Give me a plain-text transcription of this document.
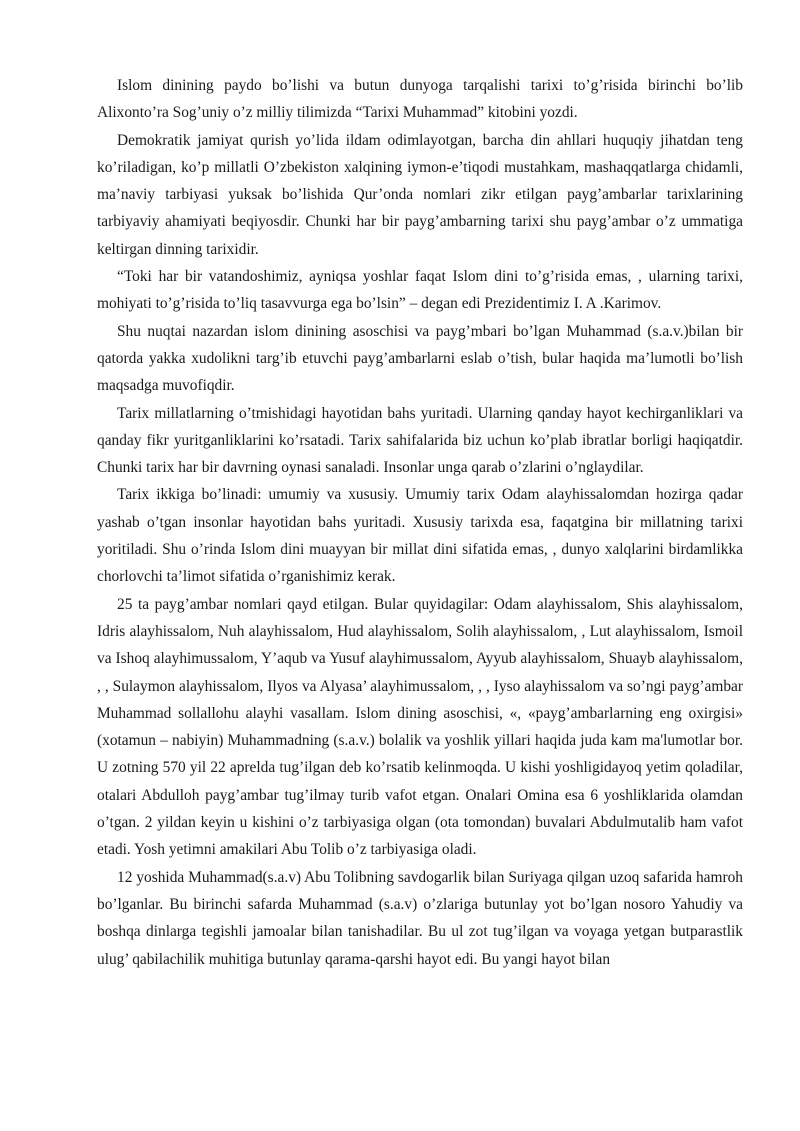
Islom dinining paydo bo’lishi va butun dunyoga tarqalishi tarixi to’g’risida birinchi bo’lib Alixonto’ra Sog’uniy o’z milliy tilimizda “Tarixi Muhammad” kitobini yozdi.

Demokratik jamiyat qurish yo’lida ildam odimlayotgan, barcha din ahllari huquqiy jihatdan teng ko’riladigan, ko’p millatli O’zbekiston xalqining iymon-e’tiqodi mustahkam, mashaqqatlarga chidamli, ma’naviy tarbiyasi yuksak bo’lishida Qur’onda nomlari zikr etilgan payg’ambarlar tarixlarining tarbiyaviy ahamiyati beqiyosdir. Chunki har bir payg’ambarning tarixi shu payg’ambar o’z ummatiga keltirgan dinning tarixidir.

“Toki har bir vatandoshimiz, ayniqsa yoshlar faqat Islom dini to’g’risida emas, , ularning tarixi, mohiyati to’g’risida to’liq tasavvurga ega bo’lsin” – degan edi Prezidentimiz I. A .Karimov.

Shu nuqtai nazardan islom dinining asoschisi va payg’mbari bo’lgan Muhammad (s.a.v.)bilan bir qatorda yakka xudolikni targ’ib etuvchi payg’ambarlarni eslab o’tish, bular haqida ma’lumotli bo’lish maqsadga muvofiqdir.

Tarix millatlarning o’tmishidagi hayotidan bahs yuritadi. Ularning qanday hayot kechirganliklari va qanday fikr yuritganliklarini ko’rsatadi. Tarix sahifalarida biz uchun ko’plab ibratlar borligi haqiqatdir. Chunki tarix har bir davrning oynasi sanaladi. Insonlar unga qarab o’zlarini o’nglaydilar.

Tarix ikkiga bo’linadi: umumiy va xususiy. Umumiy tarix Odam alayhissalomdan hozirga qadar yashab o’tgan insonlar hayotidan bahs yuritadi. Xususiy tarixda esa, faqatgina bir millatning tarixi yoritiladi. Shu o’rinda Islom dini muayyan bir millat dini sifatida emas, , dunyo xalqlarini birdamlikka chorlovchi ta’limot sifatida o’rganishimiz kerak.

25 ta payg’ambar nomlari qayd etilgan. Bular quyidagilar: Odam alayhissalom, Shis alayhissalom, Idris alayhissalom, Nuh alayhissalom, Hud alayhissalom, Solih alayhissalom, , Lut alayhissalom, Ismoil va Ishoq alayhimussalom, Y’aqub va Yusuf alayhimussalom, Ayyub alayhissalom, Shuayb alayhissalom, , , Sulaymon alayhissalom, Ilyos va Alyasa’ alayhimussalom, , , Iyso alayhissalom va so’ngi payg’ambar Muhammad sollallohu alayhi vasallam. Islom dining asoschisi, «, «payg’ambarlarning eng oxirgisi» (xotamun – nabiyin) Muhammadning (s.a.v.) bolalik va yoshlik yillari haqida juda kam ma'lumotlar bor. U zotning 570 yil 22 aprelda tug’ilgan deb ko’rsatib kelinmoqda. U kishi yoshligidayoq yetim qoladilar, otalari Abdulloh payg’ambar tug’ilmay turib vafot etgan. Onalari Omina esa 6 yoshliklarida olamdan o’tgan. 2 yildan keyin u kishini o’z tarbiyasiga olgan (ota tomondan) buvalari Abdulmutalib ham vafot etadi. Yosh yetimni amakilari Abu Tolib o’z tarbiyasiga oladi.

12 yoshida Muhammad(s.a.v) Abu Tolibning savdogarlik bilan Suriyaga qilgan uzoq safarida hamroh bo’lganlar. Bu birinchi safarda Muhammad (s.a.v) o’zlariga butunlay yot bo’lgan nosoro Yahudiy va boshqa dinlarga tegishli jamoalar bilan tanishadilar. Bu ul zot tug’ilgan va voyaga yetgan butparastlik ulug’ qabilachilik muhitiga butunlay qarama-qarshi hayot edi. Bu yangi hayot bilan
